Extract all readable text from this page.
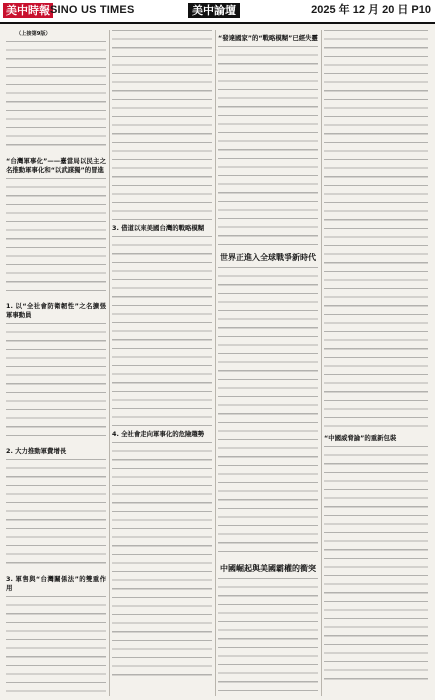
美中時報 SINO US TIMES	美中論壇	2025 年 12 月 20 日 P10

（上接第9版）

“台灣軍事化”——臺當局以民主之名推動軍事化和“以武謀獨”的冒進
1. 以“全社會防衛韌性”之名擴張軍事動員
2. 大力推動軍費增長
3. 軍售與“台灣關係法”的雙重作用
3. 借道以來美國台灣的戰略模糊
4. 全社會走向軍事化的危險趨勢
“發達國家”的“戰略模糊”已經失靈
世界正進入全球戰爭新時代
中國崛起與美國霸權的衝突
“中國威脅論”的重新包裝
